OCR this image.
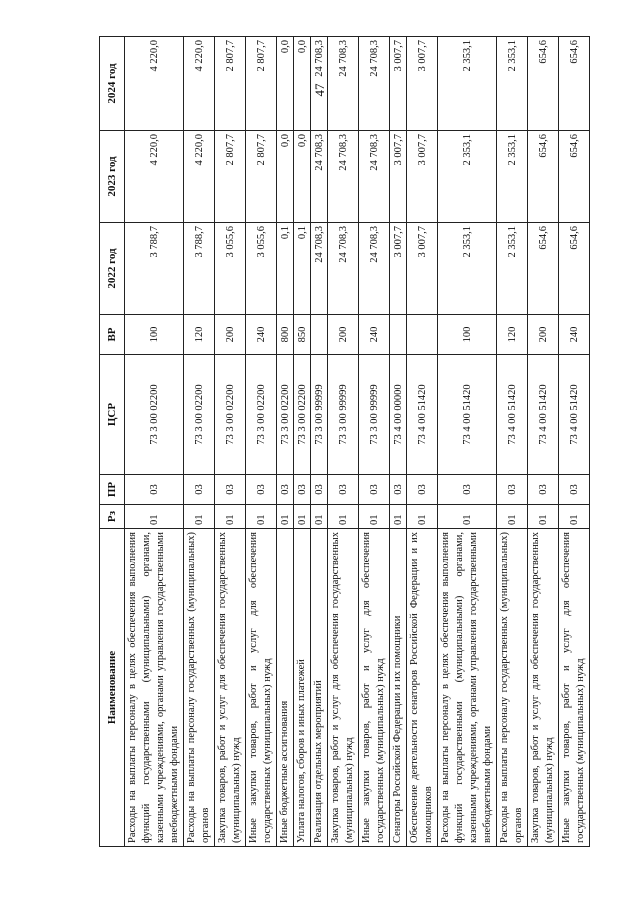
47
Наименование	Рз	ПР	ЦСР	ВР	2022 год	2023 год	2024 год
Расходы на выплаты персоналу в целях обеспечения выполнения функций государственными (муниципальными) органами, казенными учреждениями, органами управления государственными внебюджетными фондами	01	03	73 3 00 02200	100	3 788,7	4 220,0	4 220,0
Расходы на выплаты персоналу государственных (муниципальных) органов	01	03	73 3 00 02200	120	3 788,7	4 220,0	4 220,0
Закупка товаров, работ и услуг для обеспечения государственных (муниципальных) нужд	01	03	73 3 00 02200	200	3 055,6	2 807,7	2 807,7
Иные закупки товаров, работ и услуг для обеспечения государственных (муниципальных) нужд	01	03	73 3 00 02200	240	3 055,6	2 807,7	2 807,7
Иные бюджетные ассигнования	01	03	73 3 00 02200	800	0,1	0,0	0,0
Уплата налогов, сборов и иных платежей	01	03	73 3 00 02200	850	0,1	0,0	0,0
Реализация отдельных мероприятий	01	03	73 3 00 99999		24 708,3	24 708,3	24 708,3
Закупка товаров, работ и услуг для обеспечения государственных (муниципальных) нужд	01	03	73 3 00 99999	200	24 708,3	24 708,3	24 708,3
Иные закупки товаров, работ и услуг для обеспечения государственных (муниципальных) нужд	01	03	73 3 00 99999	240	24 708,3	24 708,3	24 708,3
Сенаторы Российской Федерации и их помощники	01	03	73 4 00 00000		3 007,7	3 007,7	3 007,7
Обеспечение деятельности сенаторов Российской Федерации и их помощников	01	03	73 4 00 51420		3 007,7	3 007,7	3 007,7
Расходы на выплаты персоналу в целях обеспечения выполнения функций государственными (муниципальными) органами, казенными учреждениями, органами управления государственными внебюджетными фондами	01	03	73 4 00 51420	100	2 353,1	2 353,1	2 353,1
Расходы на выплаты персоналу государственных (муниципальных) органов	01	03	73 4 00 51420	120	2 353,1	2 353,1	2 353,1
Закупка товаров, работ и услуг для обеспечения государственных (муниципальных) нужд	01	03	73 4 00 51420	200	654,6	654,6	654,6
Иные закупки товаров, работ и услуг для обеспечения государственных (муниципальных) нужд	01	03	73 4 00 51420	240	654,6	654,6	654,6
